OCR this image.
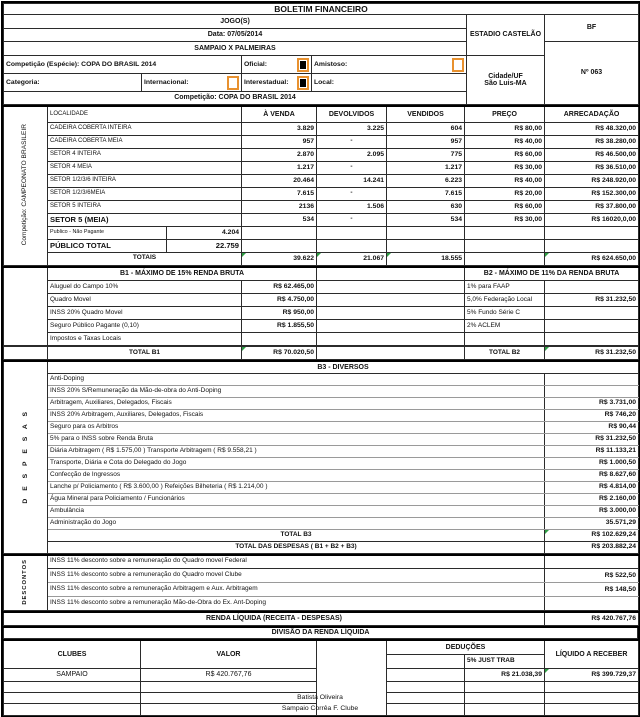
BOLETIM FINANCEIRO					
JOGO(S)				ESTADIO CASTELÃO	BF
Data: 07/05/2014					
SAMPAIO X PALMEIRAS					Nº 063
Competição (Espécie): COPA DO BRASIL 2014		Oficial:	Amistoso:	Cidade/UF
São Luis-MA	

Categoria:	Internacional:	Interestadual:	Local:		
Competição: COPA DO BRASIL 2014					
Competição: CAMPEONATO BRASILEIR	LOCALIDADE		À VENDA	DEVOLVIDOS	VENDIDOS	PREÇO	ARRECADAÇÃO
	CADEIRA COBERTA INTEIRA		3.829	3.225	604	R$ 80,00	R$ 48.320,00
	CADEIRA COBERTA MEIA		957	-	957	R$ 40,00	R$ 38.280,00
	SETOR 4 INTEIRA		2.870	2.095	775	R$ 60,00	R$ 46.500,00
	SETOR 4 MEIA		1.217	-	1.217	R$ 30,00	R$ 36.510,00
	SETOR 1/2/3/6 INTEIRA		20.464	14.241	6.223	R$ 40,00	R$ 248.920,00
	SETOR 1/2/3/6MEIA		7.615	-	7.615	R$ 20,00	R$ 152.300,00
	SETOR 5 INTEIRA		2136	1.506	630	R$ 60,00	R$ 37.800,00
	SETOR 5 (MEIA)		534	-	534	R$ 30,00	R$ 16020,0,00
	Publico - Não Pagante	4.204					
	PÚBLICO TOTAL	22.759					
	TOTAIS		39.622	21.067	18.555		R$ 624.650,00
	B1 - MÁXIMO DE 15% RENDA BRUTA			B2 - MÁXIMO DE 11% DA RENDA BRUTA	
	Aluguel do Campo 10%	R$ 62.465,00		1% para FAAP	
	Quadro Movel	R$ 4.750,00		5,0% Federação Local	R$ 31.232,50
	INSS 20% Quadro Movel	R$ 950,00		5% Fundo Série C	
	Seguro Público Pagante (0,10)	R$ 1.855,50		2% ACLEM	
	Impostos e Taxas Locais				
	TOTAL B1	R$ 70.020,50		TOTAL B2	R$ 31.232,50
D E S P E S A S	B3 - DIVERSOS	
	Anti-Doping	
	INSS 20% S/Remuneração da Mão-de-obra do Anti-Doping	
	Arbitragem, Auxiliares, Delegados, Fiscais	R$ 3.731,00
	INSS 20% Arbitragem, Auxiliares, Delegados, Fiscais	R$ 746,20
	Seguro para os Arbitros	R$ 90,44
	5% para o INSS sobre Renda Bruta	R$ 31.232,50
	Diária Arbitragem ( R$ 1.575,00 ) Transporte Arbitragem ( R$ 9.558,21 )	R$ 11.133,21
	Transporte, Diária e Cota do Delegado do Jogo	R$ 1.000,50
	Confecção de Ingressos	R$ 8.627,60
	Lanche p/ Policiamento ( R$ 3.600,00 ) Refeições Bilheteria ( R$ 1.214,00 )	R$ 4.814,00
	Água Mineral para Policiamento / Funcionários	R$ 2.160,00
	Ambulância	R$ 3.000,00
	Administração do Jogo	35.571,29
	TOTAL B3	R$ 102.629,24
	TOTAL DAS DESPESAS ( B1 + B2 + B3)	R$ 203.882,24
DESCONTOS	INSS 11% desconto sobre a remuneração do Quadro movel Federal	
	INSS 11% desconto sobre a remuneração do Quadro movel Clube	R$ 522,50
	INSS 11% desconto sobre a remuneração Arbitragem e Aux. Arbitragem	R$ 148,50
	INSS 11% desconto sobre a remuneração Mão-de-Obra do Ex. Ant-Doping	
RENDA LÍQUIDA (RECEITA - DESPESAS)	R$ 420.767,76
DIVISÃO DA RENDA LÍQUIDA
CLUBES	VALOR		DEDUÇÕES		LÍQUIDO A RECEBER
				5% JUST TRAB	
SAMPAIO	R$ 420.767,76			R$ 21.038,39	R$ 399.729,37

Batista Oliveira
Sampaio Corrêa F. Clube
